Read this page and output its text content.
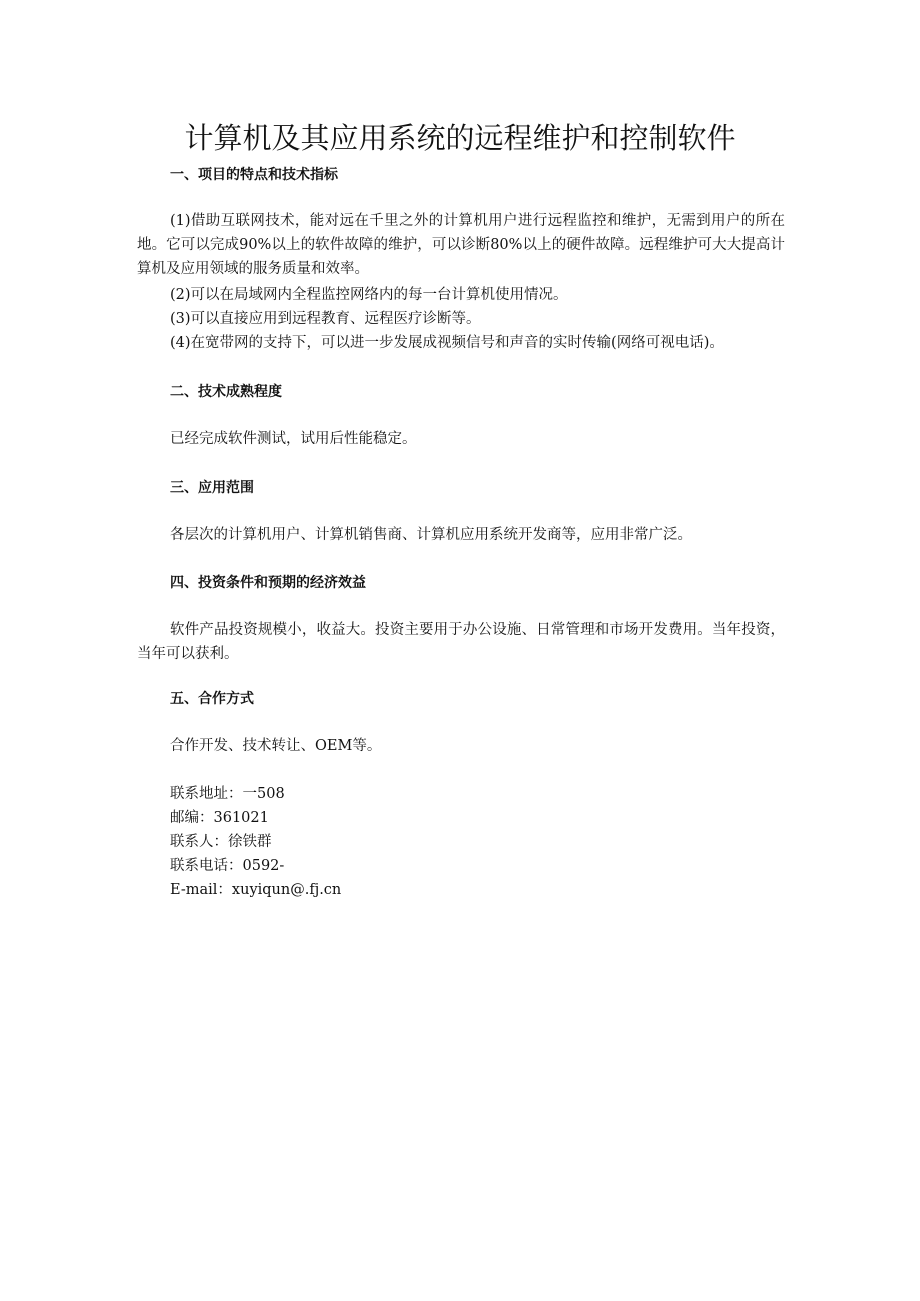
计算机及其应用系统的远程维护和控制软件
一、项目的特点和技术指标

(1)借助互联网技术，能对远在千里之外的计算机用户进行远程监控和维护，无需到用户的所在地。它可以完成90%以上的软件故障的维护，可以诊断80%以上的硬件故障。远程维护可大大提高计算机及应用领域的服务质量和效率。

(2)可以在局域网内全程监控网络内的每一台计算机使用情况。

(3)可以直接应用到远程教育、远程医疗诊断等。

(4)在宽带网的支持下，可以进一步发展成视频信号和声音的实时传输(网络可视电话)。

二、技术成熟程度

已经完成软件测试，试用后性能稳定。

三、应用范围

各层次的计算机用户、计算机销售商、计算机应用系统开发商等，应用非常广泛。

四、投资条件和预期的经济效益

软件产品投资规模小，收益大。投资主要用于办公设施、日常管理和市场开发费用。当年投资，当年可以获利。

五、合作方式

合作开发、技术转让、OEM等。

联系地址：一508

邮编：361021

联系人：徐铁群

联系电话：0592-

E-mail：xuyiqun@.fj.cn
